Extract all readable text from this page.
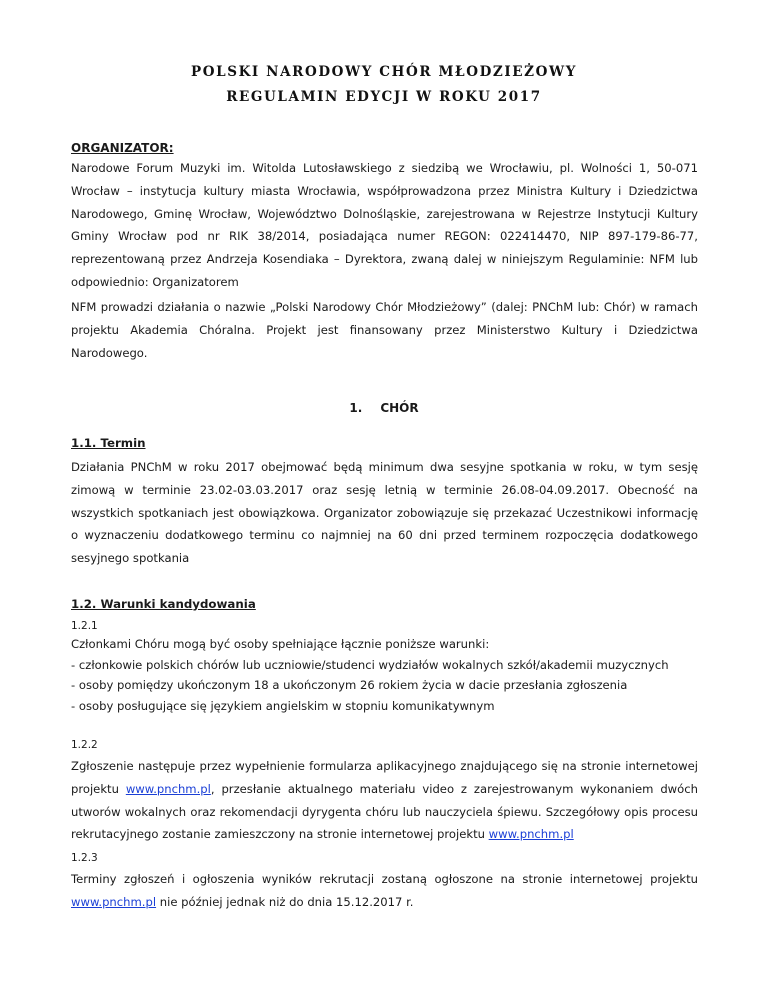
POLSKI NARODOWY CHÓR MŁODZIEŻOWY
REGULAMIN EDYCJI W ROKU 2017
ORGANIZATOR:

Narodowe Forum Muzyki im. Witolda Lutosławskiego z siedzibą we Wrocławiu, pl. Wolności 1, 50-071 Wrocław – instytucja kultury miasta Wrocławia, współprowadzona przez Ministra Kultury i Dziedzictwa Narodowego, Gminę Wrocław, Województwo Dolnośląskie, zarejestrowana w Rejestrze Instytucji Kultury Gminy Wrocław pod nr RIK 38/2014, posiadająca numer REGON: 022414470, NIP 897-179-86-77, reprezentowaną przez Andrzeja Kosendiaka – Dyrektora, zwaną dalej w niniejszym Regulaminie: NFM lub odpowiednio: Organizatorem

NFM prowadzi działania o nazwie „Polski Narodowy Chór Młodzieżowy” (dalej: PNChM lub: Chór) w ramach projektu Akademia Chóralna. Projekt jest finansowany przez Ministerstwo Kultury i Dziedzictwa Narodowego.

1. CHÓR
1.1. Termin

Działania PNChM w roku 2017 obejmować będą minimum dwa sesyjne spotkania w roku, w tym sesję zimową w terminie 23.02-03.03.2017 oraz sesję letnią w terminie 26.08-04.09.2017. Obecność na wszystkich spotkaniach jest obowiązkowa. Organizator zobowiązuje się przekazać Uczestnikowi informację o wyznaczeniu dodatkowego terminu co najmniej na 60 dni przed terminem rozpoczęcia dodatkowego sesyjnego spotkania

1.2. Warunki kandydowania
1.2.1

Członkami Chóru mogą być osoby spełniające łącznie poniższe warunki:

- członkowie polskich chórów lub uczniowie/studenci wydziałów wokalnych szkół/akademii muzycznych

- osoby pomiędzy ukończonym 18 a ukończonym 26 rokiem życia w dacie przesłania zgłoszenia

- osoby posługujące się językiem angielskim w stopniu komunikatywnym

1.2.2

Zgłoszenie następuje przez wypełnienie formularza aplikacyjnego znajdującego się na stronie internetowej projektu www.pnchm.pl, przesłanie aktualnego materiału video z zarejestrowanym wykonaniem dwóch utworów wokalnych oraz rekomendacji dyrygenta chóru lub nauczyciela śpiewu. Szczegółowy opis procesu rekrutacyjnego zostanie zamieszczony na stronie internetowej projektu www.pnchm.pl

1.2.3

Terminy zgłoszeń i ogłoszenia wyników rekrutacji zostaną ogłoszone na stronie internetowej projektu www.pnchm.pl nie później jednak niż do dnia 15.12.2017 r.
